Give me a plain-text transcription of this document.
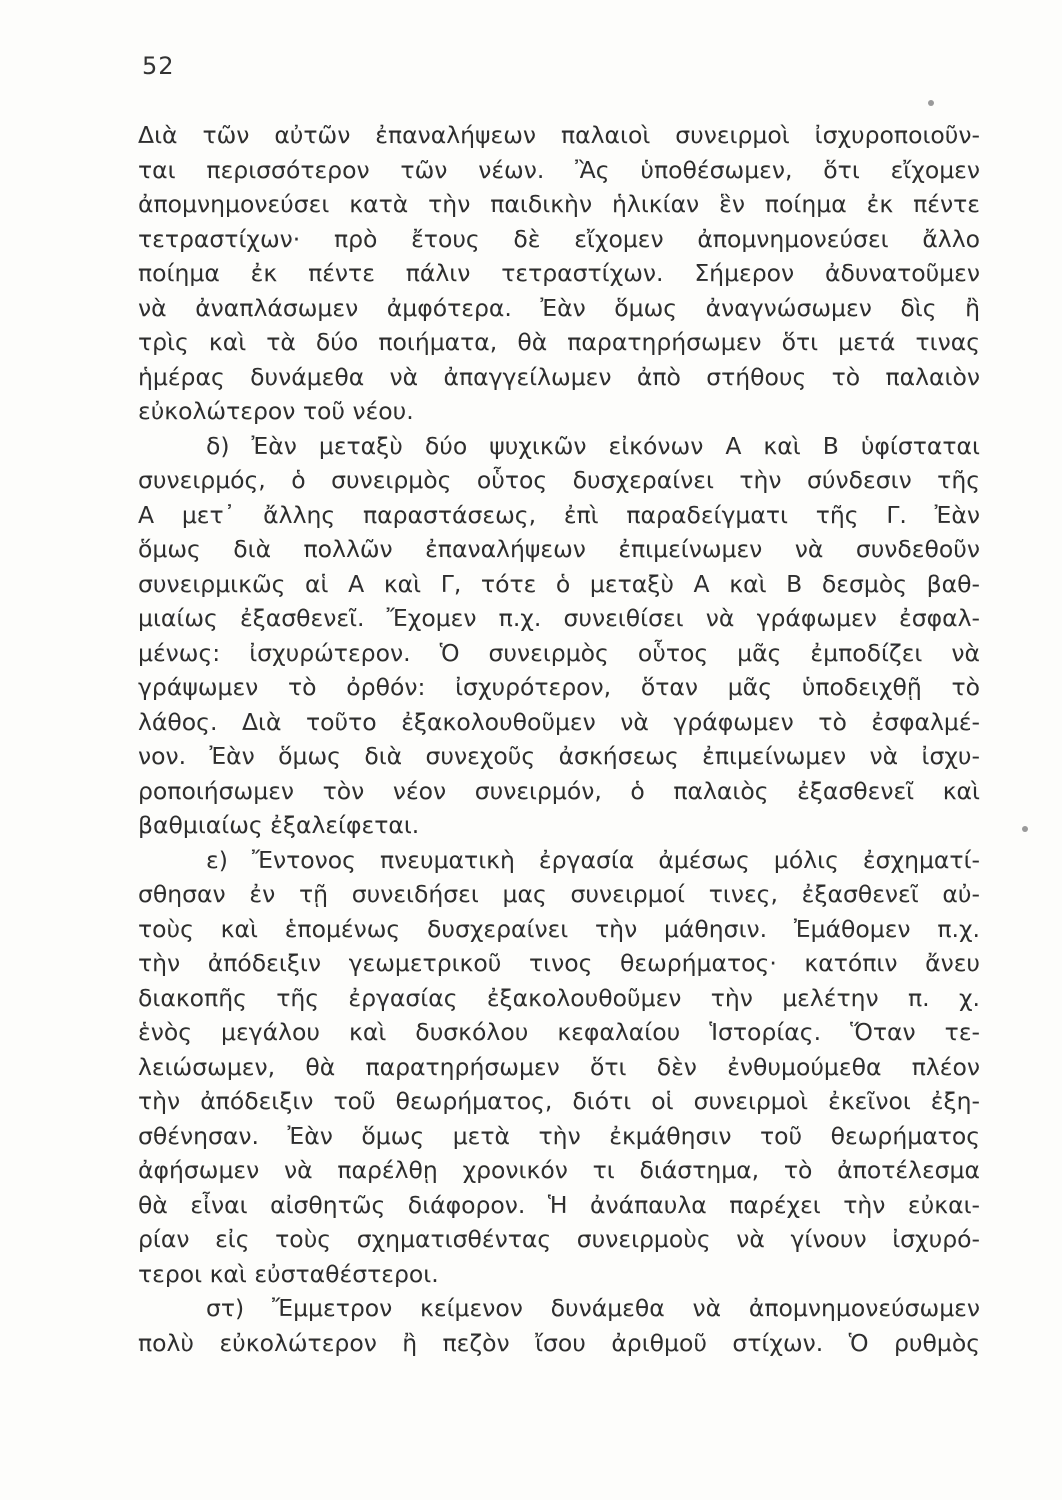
52
Διὰ τῶν αὐτῶν ἐπαναλήψεων παλαιοὶ συνειρμοὶ ἰσχυροποιοῦν-
ται περισσότερον τῶν νέων. Ἂς ὑποθέσωμεν, ὅτι εἴχομεν
ἀπομνημονεύσει κατὰ τὴν παιδικὴν ἡλικίαν ἓν ποίημα ἐκ πέντε
τετραστίχων· πρὸ ἔτους δὲ εἴχομεν ἀπομνημονεύσει ἄλλο
ποίημα ἐκ πέντε πάλιν τετραστίχων. Σήμερον ἀδυνατοῦμεν
νὰ ἀναπλάσωμεν ἀμφότερα. Ἐὰν ὅμως ἀναγνώσωμεν δὶς ἢ
τρὶς καὶ τὰ δύο ποιήματα, θὰ παρατηρήσωμεν ὅτι μετά τινας
ἡμέρας δυνάμεθα νὰ ἀπαγγείλωμεν ἀπὸ στήθους τὸ παλαιὸν
εὐκολώτερον τοῦ νέου.
δ) Ἐὰν μεταξὺ δύο ψυχικῶν εἰκόνων Α καὶ Β ὑφίσταται
συνειρμός, ὁ συνειρμὸς οὗτος δυσχεραίνει τὴν σύνδεσιν τῆς
Α μετ᾽ ἄλλης παραστάσεως, ἐπὶ παραδείγματι τῆς Γ. Ἐὰν
ὅμως διὰ πολλῶν ἐπαναλήψεων ἐπιμείνωμεν νὰ συνδεθοῦν
συνειρμικῶς αἱ Α καὶ Γ, τότε ὁ μεταξὺ Α καὶ Β δεσμὸς βαθ-
μιαίως ἐξασθενεῖ. Ἔχομεν π.χ. συνειθίσει νὰ γράφωμεν ἐσφαλ-
μένως: ἰσχυρώτερον. Ὁ συνειρμὸς οὗτος μᾶς ἐμποδίζει νὰ
γράψωμεν τὸ ὀρθόν: ἰσχυρότερον, ὅταν μᾶς ὑποδειχθῇ τὸ
λάθος. Διὰ τοῦτο ἐξακολουθοῦμεν νὰ γράφωμεν τὸ ἐσφαλμέ-
νον. Ἐὰν ὅμως διὰ συνεχοῦς ἀσκήσεως ἐπιμείνωμεν νὰ ἰσχυ-
ροποιήσωμεν τὸν νέον συνειρμόν, ὁ παλαιὸς ἐξασθενεῖ καὶ
βαθμιαίως ἐξαλείφεται.
ε) Ἔντονος πνευματικὴ ἐργασία ἀμέσως μόλις ἐσχηματί-
σθησαν ἐν τῇ συνειδήσει μας συνειρμοί τινες, ἐξασθενεῖ αὐ-
τοὺς καὶ ἑπομένως δυσχεραίνει τὴν μάθησιν. Ἐμάθομεν π.χ.
τὴν ἀπόδειξιν γεωμετρικοῦ τινος θεωρήματος· κατόπιν ἄνευ
διακοπῆς τῆς ἐργασίας ἐξακολουθοῦμεν τὴν μελέτην π. χ.
ἑνὸς μεγάλου καὶ δυσκόλου κεφαλαίου Ἱστορίας. Ὅταν τε-
λειώσωμεν, θὰ παρατηρήσωμεν ὅτι δὲν ἐνθυμούμεθα πλέον
τὴν ἀπόδειξιν τοῦ θεωρήματος, διότι οἱ συνειρμοὶ ἐκεῖνοι ἐξη-
σθένησαν. Ἐὰν ὅμως μετὰ τὴν ἐκμάθησιν τοῦ θεωρήματος
ἀφήσωμεν νὰ παρέλθῃ χρονικόν τι διάστημα, τὸ ἀποτέλεσμα
θὰ εἶναι αἰσθητῶς διάφορον. Ἡ ἀνάπαυλα παρέχει τὴν εὐκαι-
ρίαν εἰς τοὺς σχηματισθέντας συνειρμοὺς νὰ γίνουν ἰσχυρό-
τεροι καὶ εὐσταθέστεροι.
στ) Ἔμμετρον κείμενον δυνάμεθα νὰ ἀπομνημονεύσωμεν
πολὺ εὐκολώτερον ἢ πεζὸν ἴσου ἀριθμοῦ στίχων. Ὁ ρυθμὸς
